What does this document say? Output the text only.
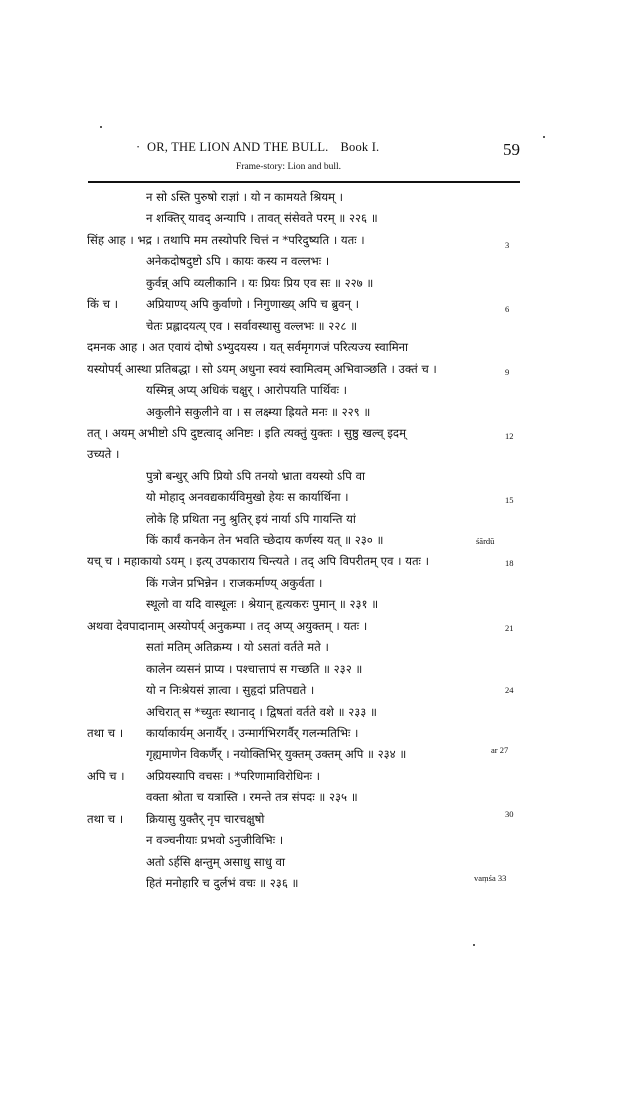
·  OR, THE LION AND THE BULL. Book I.	59
Frame-story: Lion and bull.
न सो ऽस्ति पुरुषो राज्ञां । यो न कामयते श्रियम् ।
न शक्तिर् यावद् अन्यापि । तावत् संसेवते परम् ॥ २२६ ॥
सिंह आह । भद्र । तथापि मम तस्योपरि चित्तं न *परिदुष्यति । यतः ।
अनेकदोषदुष्टो ऽपि । कायः कस्य न वल्लभः ।
कुर्वन्न् अपि व्यलीकानि । यः प्रियः प्रिय एव सः ॥ २२७ ॥
अप्रियाण्य् अपि कुर्वाणो । निगुणाख्य् अपि च ब्रुवन् ।
चेतः प्रह्लादयत्य् एव । सर्वावस्थासु वल्लभः ॥ २२८ ॥
दमनक आह । अत एवायं दोषो ऽभ्युदयस्य । यत् सर्वमृगगजं परित्यज्य स्वामिना
यस्योपर्य् आस्था प्रतिबद्धा । सो ऽयम् अधुना स्वयं स्वामित्वम् अभिवाञ्छति । उक्तं च ।
यस्मिन्न् अप्य् अधिकं चक्षुर् । आरोपयति पार्थिवः ।
अकुलीने सकुलीने वा । स लक्ष्म्या ह्रियते मनः ॥ २२९ ॥
तत् । अयम् अभीष्टो ऽपि दुष्टत्वाद् अनिष्टः । इति त्यक्तुं युक्तः । सुष्ठु खल्व् इदम्
उच्यते ।
पुत्रो बन्धुर् अपि प्रियो ऽपि तनयो भ्राता वयस्यो ऽपि वा
यो मोहाद् अनवद्यकार्यविमुखो हेयः स कार्यार्थिना ।
लोके हि प्रथिता ननु श्रुतिर् इयं नार्या ऽपि गायन्ति यां
किं कार्यं कनकेन तेन भवति च्छेदाय कर्णस्य यत् ॥ २३० ॥
यच् च । महाकायो ऽयम् । इत्य् उपकाराय चिन्त्यते । तद् अपि विपरीतम् एव । यतः ।
किं गजेन प्रभिन्नेन । राजकर्माण्य् अकुर्वता ।
स्थूलो वा यदि वास्थूलः । श्रेयान् हृत्यकरः पुमान् ॥ २३१ ॥
अथवा देवपादानाम् अस्योपर्य् अनुकम्पा । तद् अप्य् अयुक्तम् । यतः ।
सतां मतिम् अतिक्रम्य । यो ऽसतां वर्तते मते ।
कालेन व्यसनं प्राप्य । पश्चात्तापं स गच्छति ॥ २३२ ॥
यो न निःश्रेयसं ज्ञात्वा । सुहृदां प्रतिपद्यते ।
अचिरात् स *च्युतः स्थानाद् । द्विषतां वर्तते वशे ॥ २३३ ॥
कार्याकार्यम् अनार्यैर् । उन्मार्गभिरगर्वैर् गलन्मतिभिः ।
गृह्यमाणेन विकर्णैर् । नयोक्तिभिर् युक्तम् उक्तम् अपि ॥ २३४ ॥
अप्रियस्यापि वचसः । *परिणामाविरोधिनः ।
वक्ता श्रोता च यत्रास्ति । रमन्ते तत्र संपदः ॥ २३५ ॥
क्रियासु युक्तैर् नृप चारचक्षुषो
न वञ्चनीयाः प्रभवो ऽनुजीविभिः ।
अतो ऽर्हसि क्षन्तुम् असाधु साधु वा
हितं मनोहारि च दुर्लभं वचः ॥ २३६ ॥
किं च ।
तथा च ।
अपि च ।
तथा च ।
3
6
9
12
15
śārdū
18
21
24
ar 27
30
vaṃśa 33
